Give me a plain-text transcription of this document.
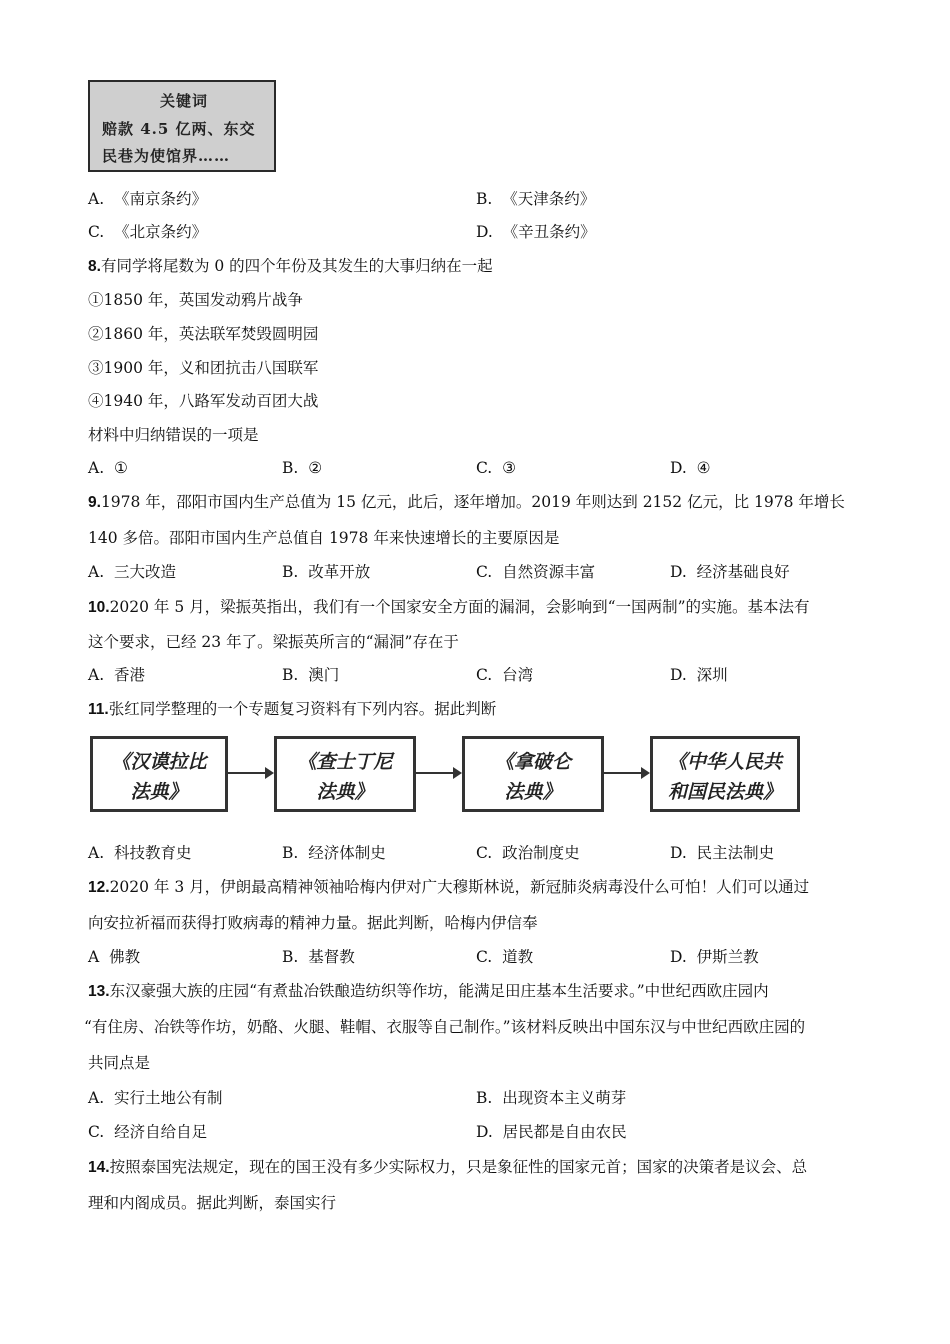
关键词
赔款 4.5 亿两、东交
民巷为使馆界……
A. 《南京条约》	B. 《天津条约》
C. 《北京条约》	D. 《辛丑条约》
8.有同学将尾数为 0 的四个年份及其发生的大事归纳在一起
①1850 年，英国发动鸦片战争
②1860 年，英法联军焚毁圆明园
③1900 年，义和团抗击八国联军
④1940 年，八路军发动百团大战
材料中归纳错误的一项是
A. ①	B. ②	C. ③	D. ④
9.1978 年，邵阳市国内生产总值为 15 亿元，此后，逐年增加。2019 年则达到 2152 亿元，比 1978 年增长
140 多倍。邵阳市国内生产总值自 1978 年来快速增长的主要原因是
A. 三大改造	B. 改革开放	C. 自然资源丰富	D. 经济基础良好
10.2020 年 5 月，梁振英指出，我们有一个国家安全方面的漏洞，会影响到“一国两制”的实施。基本法有
这个要求，已经 23 年了。梁振英所言的“漏洞”存在于
A. 香港	B. 澳门	C. 台湾	D. 深圳
11.张红同学整理的一个专题复习资料有下列内容。据此判断
《汉谟拉比
法典》
《查士丁尼
法典》
《拿破仑
法典》
《中华人民共
和国民法典》
A. 科技教育史	B. 经济体制史	C. 政治制度史	D. 民主法制史
12.2020 年 3 月，伊朗最高精神领袖哈梅内伊对广大穆斯林说，新冠肺炎病毒没什么可怕！人们可以通过
向安拉祈福而获得打败病毒的精神力量。据此判断，哈梅内伊信奉
A 佛教	B. 基督教	C. 道教	D. 伊斯兰教
13.东汉豪强大族的庄园“有煮盐冶铁酿造纺织等作坊，能满足田庄基本生活要求。”中世纪西欧庄园内
“有住房、冶铁等作坊，奶酪、火腿、鞋帽、衣服等自己制作。”该材料反映出中国东汉与中世纪西欧庄园的
共同点是
A. 实行土地公有制	B. 出现资本主义萌芽
C. 经济自给自足	D. 居民都是自由农民
14.按照泰国宪法规定，现在的国王没有多少实际权力，只是象征性的国家元首；国家的决策者是议会、总
理和内阁成员。据此判断，泰国实行
